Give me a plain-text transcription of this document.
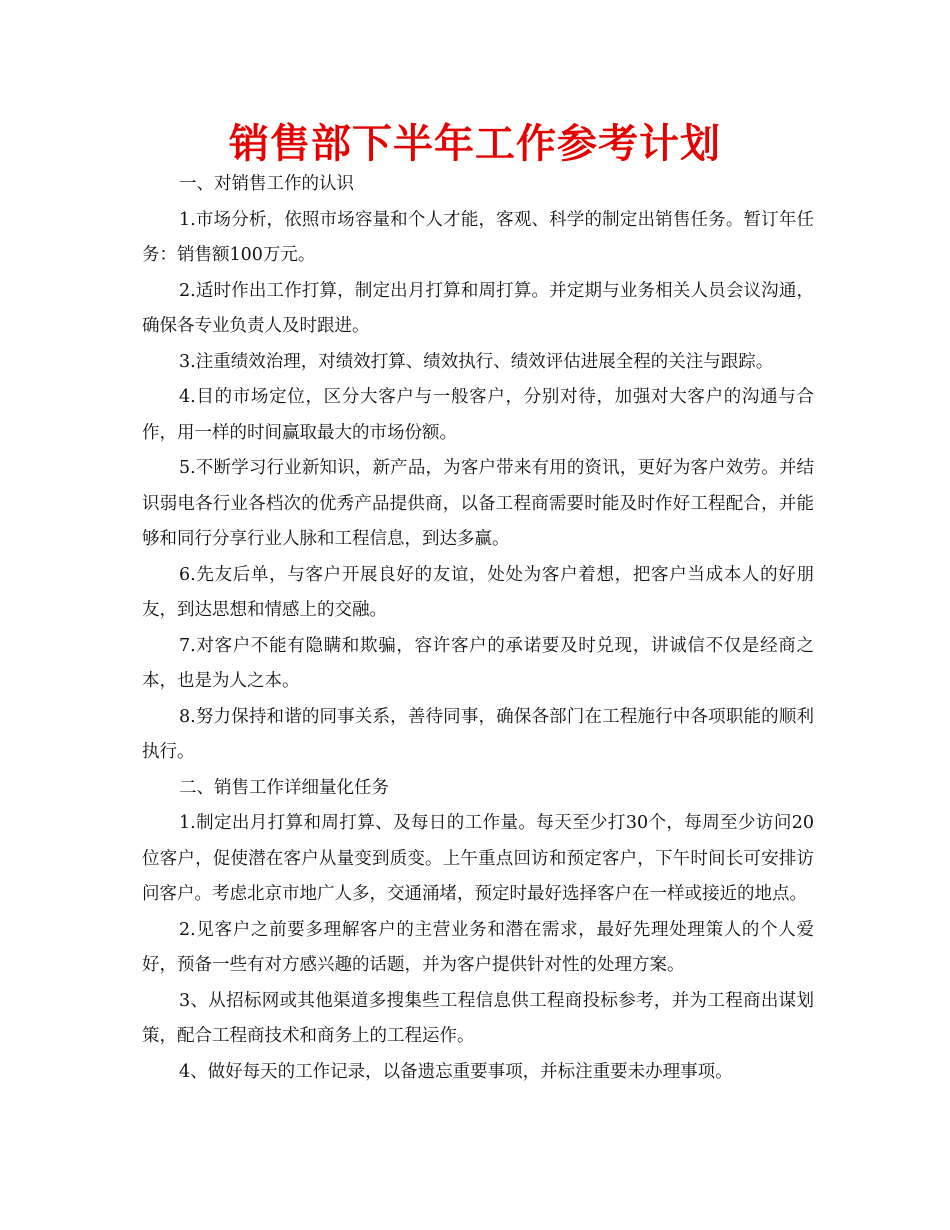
销售部下半年工作参考计划

一、对销售工作的认识

1.市场分析，依照市场容量和个人才能，客观、科学的制定出销售任务。暂订年任务：销售额100万元。

2.适时作出工作打算，制定出月打算和周打算。并定期与业务相关人员会议沟通，确保各专业负责人及时跟进。

3.注重绩效治理，对绩效打算、绩效执行、绩效评估进展全程的关注与跟踪。

4.目的市场定位，区分大客户与一般客户，分别对待，加强对大客户的沟通与合作，用一样的时间赢取最大的市场份额。

5.不断学习行业新知识，新产品，为客户带来有用的资讯，更好为客户效劳。并结识弱电各行业各档次的优秀产品提供商，以备工程商需要时能及时作好工程配合，并能够和同行分享行业人脉和工程信息，到达多赢。

6.先友后单，与客户开展良好的友谊，处处为客户着想，把客户当成本人的好朋友，到达思想和情感上的交融。

7.对客户不能有隐瞒和欺骗，容许客户的承诺要及时兑现，讲诚信不仅是经商之本，也是为人之本。

8.努力保持和谐的同事关系，善待同事，确保各部门在工程施行中各项职能的顺利执行。

二、销售工作详细量化任务

1.制定出月打算和周打算、及每日的工作量。每天至少打30个，每周至少访问20位客户，促使潜在客户从量变到质变。上午重点回访和预定客户，下午时间长可安排访问客户。考虑北京市地广人多，交通涌堵，预定时最好选择客户在一样或接近的地点。

2.见客户之前要多理解客户的主营业务和潜在需求，最好先理处理策人的个人爱好，预备一些有对方感兴趣的话题，并为客户提供针对性的处理方案。

3、从招标网或其他渠道多搜集些工程信息供工程商投标参考，并为工程商出谋划策，配合工程商技术和商务上的工程运作。

4、做好每天的工作记录，以备遗忘重要事项，并标注重要未办理事项。
